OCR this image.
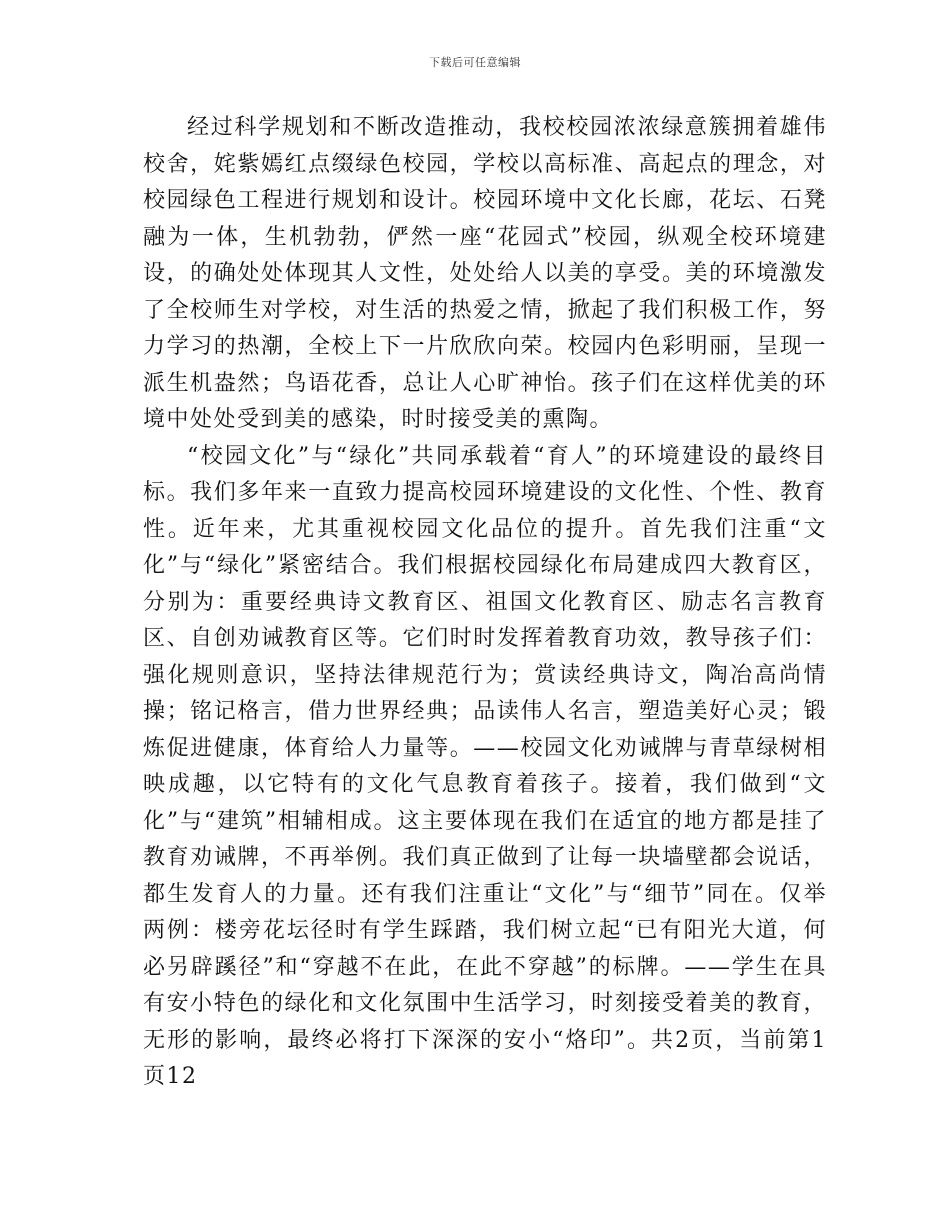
下载后可任意编辑

经过科学规划和不断改造推动，我校校园浓浓绿意簇拥着雄伟校舍，姹紫嫣红点缀绿色校园，学校以高标准、高起点的理念，对校园绿色工程进行规划和设计。校园环境中文化长廊，花坛、石凳融为一体，生机勃勃，俨然一座“花园式”校园，纵观全校环境建设，的确处处体现其人文性，处处给人以美的享受。美的环境激发了全校师生对学校，对生活的热爱之情，掀起了我们积极工作，努力学习的热潮，全校上下一片欣欣向荣。校园内色彩明丽，呈现一派生机盎然；鸟语花香，总让人心旷神怡。孩子们在这样优美的环境中处处受到美的感染，时时接受美的熏陶。

“校园文化”与“绿化”共同承载着“育人”的环境建设的最终目标。我们多年来一直致力提高校园环境建设的文化性、个性、教育性。近年来，尤其重视校园文化品位的提升。首先我们注重“文化”与“绿化”紧密结合。我们根据校园绿化布局建成四大教育区，分别为：重要经典诗文教育区、祖国文化教育区、励志名言教育区、自创劝诫教育区等。它们时时发挥着教育功效，教导孩子们：强化规则意识，坚持法律规范行为；赏读经典诗文，陶冶高尚情操；铭记格言，借力世界经典；品读伟人名言，塑造美好心灵；锻炼促进健康，体育给人力量等。——校园文化劝诫牌与青草绿树相映成趣，以它特有的文化气息教育着孩子。接着，我们做到“文化”与“建筑”相辅相成。这主要体现在我们在适宜的地方都是挂了教育劝诫牌，不再举例。我们真正做到了让每一块墙壁都会说话，都生发育人的力量。还有我们注重让“文化”与“细节”同在。仅举两例：楼旁花坛径时有学生踩踏，我们树立起“已有阳光大道，何必另辟蹊径”和“穿越不在此，在此不穿越”的标牌。——学生在具有安小特色的绿化和文化氛围中生活学习，时刻接受着美的教育，无形的影响，最终必将打下深深的安小“烙印”。共2页，当前第1页12
